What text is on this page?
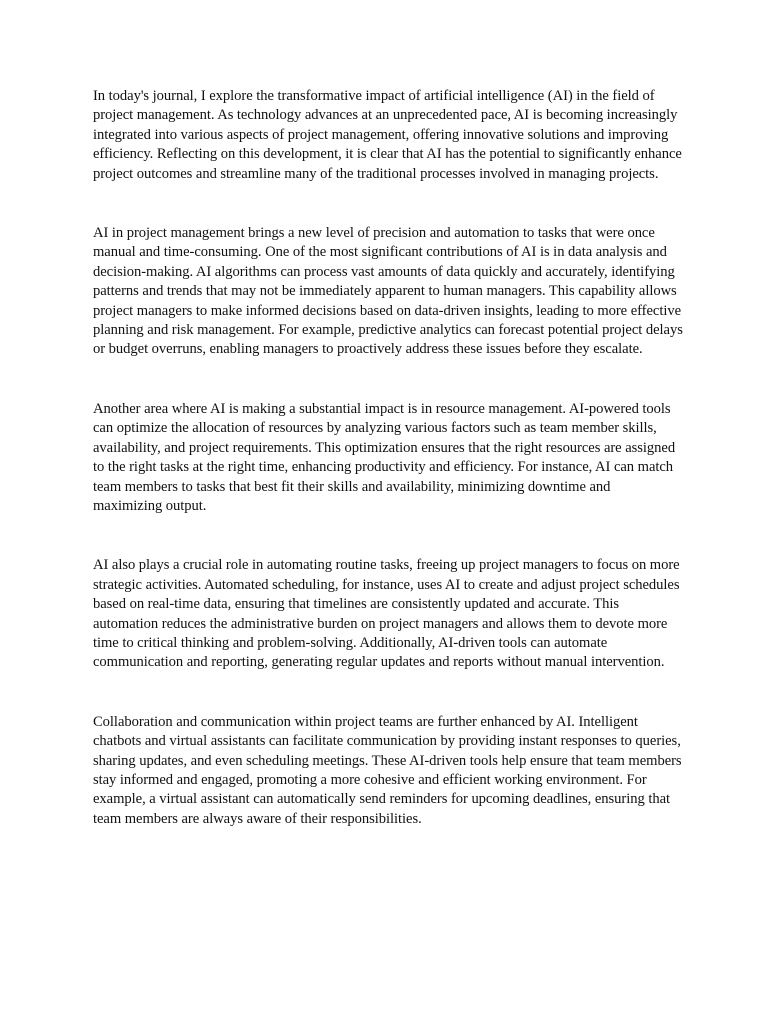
In today's journal, I explore the transformative impact of artificial intelligence (AI) in the field of project management. As technology advances at an unprecedented pace, AI is becoming increasingly integrated into various aspects of project management, offering innovative solutions and improving efficiency. Reflecting on this development, it is clear that AI has the potential to significantly enhance project outcomes and streamline many of the traditional processes involved in managing projects.

AI in project management brings a new level of precision and automation to tasks that were once manual and time-consuming. One of the most significant contributions of AI is in data analysis and decision-making. AI algorithms can process vast amounts of data quickly and accurately, identifying patterns and trends that may not be immediately apparent to human managers. This capability allows project managers to make informed decisions based on data-driven insights, leading to more effective planning and risk management. For example, predictive analytics can forecast potential project delays or budget overruns, enabling managers to proactively address these issues before they escalate.

Another area where AI is making a substantial impact is in resource management. AI-powered tools can optimize the allocation of resources by analyzing various factors such as team member skills, availability, and project requirements. This optimization ensures that the right resources are assigned to the right tasks at the right time, enhancing productivity and efficiency. For instance, AI can match team members to tasks that best fit their skills and availability, minimizing downtime and maximizing output.

AI also plays a crucial role in automating routine tasks, freeing up project managers to focus on more strategic activities. Automated scheduling, for instance, uses AI to create and adjust project schedules based on real-time data, ensuring that timelines are consistently updated and accurate. This automation reduces the administrative burden on project managers and allows them to devote more time to critical thinking and problem-solving. Additionally, AI-driven tools can automate communication and reporting, generating regular updates and reports without manual intervention.

Collaboration and communication within project teams are further enhanced by AI. Intelligent chatbots and virtual assistants can facilitate communication by providing instant responses to queries, sharing updates, and even scheduling meetings. These AI-driven tools help ensure that team members stay informed and engaged, promoting a more cohesive and efficient working environment. For example, a virtual assistant can automatically send reminders for upcoming deadlines, ensuring that team members are always aware of their responsibilities.
